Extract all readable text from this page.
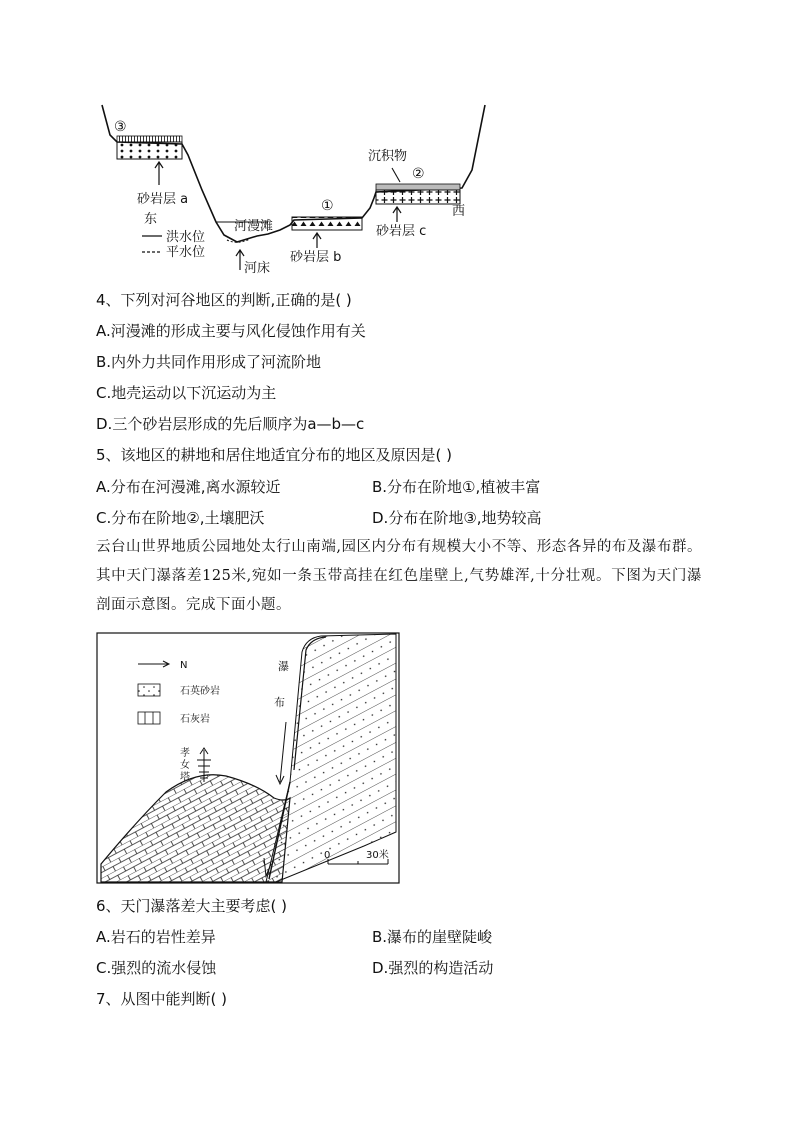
③
砂岩层 a
东
洪水位
平水位
河漫滩
河床
①
砂岩层 b
沉积物
②
砂岩层 c
西
4、下列对河谷地区的判断,正确的是( )
A.河漫滩的形成主要与风化侵蚀作用有关
B.内外力共同作用形成了河流阶地
C.地壳运动以下沉运动为主
D.三个砂岩层形成的先后顺序为a—b—c
5、该地区的耕地和居住地适宜分布的地区及原因是( )
A.分布在河漫滩,离水源较近	B.分布在阶地①,植被丰富
C.分布在阶地②,土壤肥沃	D.分布在阶地③,地势较高
云台山世界地质公园地处太行山南端,园区内分布有规模大小不等、形态各异的布及瀑布群。其中天门瀑落差125米,宛如一条玉带高挂在红色崖壁上,气势雄浑,十分壮观。下图为天门瀑剖面示意图。完成下面小题。
N
石英砂岩
石灰岩
瀑
布
孝
女
塔
0	30米
6、天门瀑落差大主要考虑( )
A.岩石的岩性差异	B.瀑布的崖壁陡峻
C.强烈的流水侵蚀	D.强烈的构造活动
7、从图中能判断( )
